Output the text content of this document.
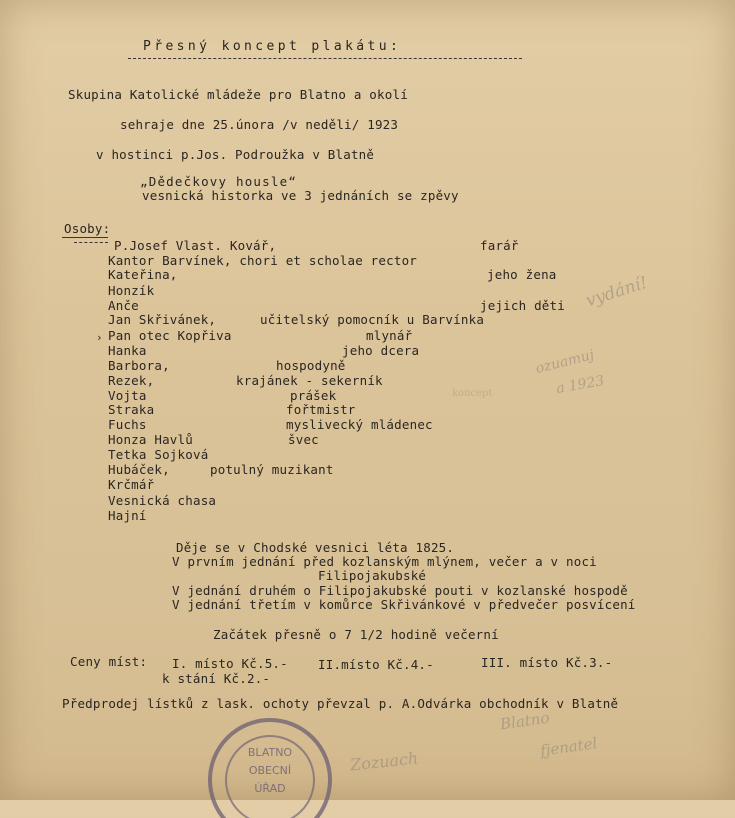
Přesný koncept plakátu:
Skupina Katolické mládeže pro Blatno a okolí
sehraje dne 25.února /v neděli/ 1923
v hostinci p.Jos. Podroužka v Blatně
„Dědečkovy housle“
vesnická historka ve 3 jednáních se zpěvy
Osoby:
P.Josef Vlast. Kovář,	farář
Kantor Barvínek, chori et scholae rector
Kateřina,	jeho žena
Honzík
Anče	jejich děti
Jan Skřivánek,	učitelský pomocník u Barvínka
Pan otec Kopřiva	mlynář
Hanka	jeho dcera
Barbora,	hospodyně
Rezek,	krajánek - sekerník
Vojta	prášek
Straka	fořtmistr
Fuchs	myslivecký mládenec
Honza Havlů	švec
Tetka Sojková
Hubáček,	potulný muzikant
Krčmář
Vesnická chasa
Hajní
Děje se v Chodské vesnici léta 1825.
V prvním jednání před kozlanským mlýnem, večer a v noci
Filipojakubské
V jednání druhém o Filipojakubské pouti v kozlanské hospodě
V jednání třetím v komůrce Skřivánkové v předvečer posvícení
Začátek přesně o 7 1/2 hodině večerní
Ceny míst: I. místo Kč.5.- II.místo Kč.4.-	III. místo Kč.3.-
k stání Kč.2.-
Předprodej lístků z lask. ochoty převzal p. A.Odvárka obchodník v Blatně
vydání!
ozuamuj
a 1923
koncept
Blatno
fjenatel
Zozuach
›
BLATNO
OBECNÍ
ÚŘAD
